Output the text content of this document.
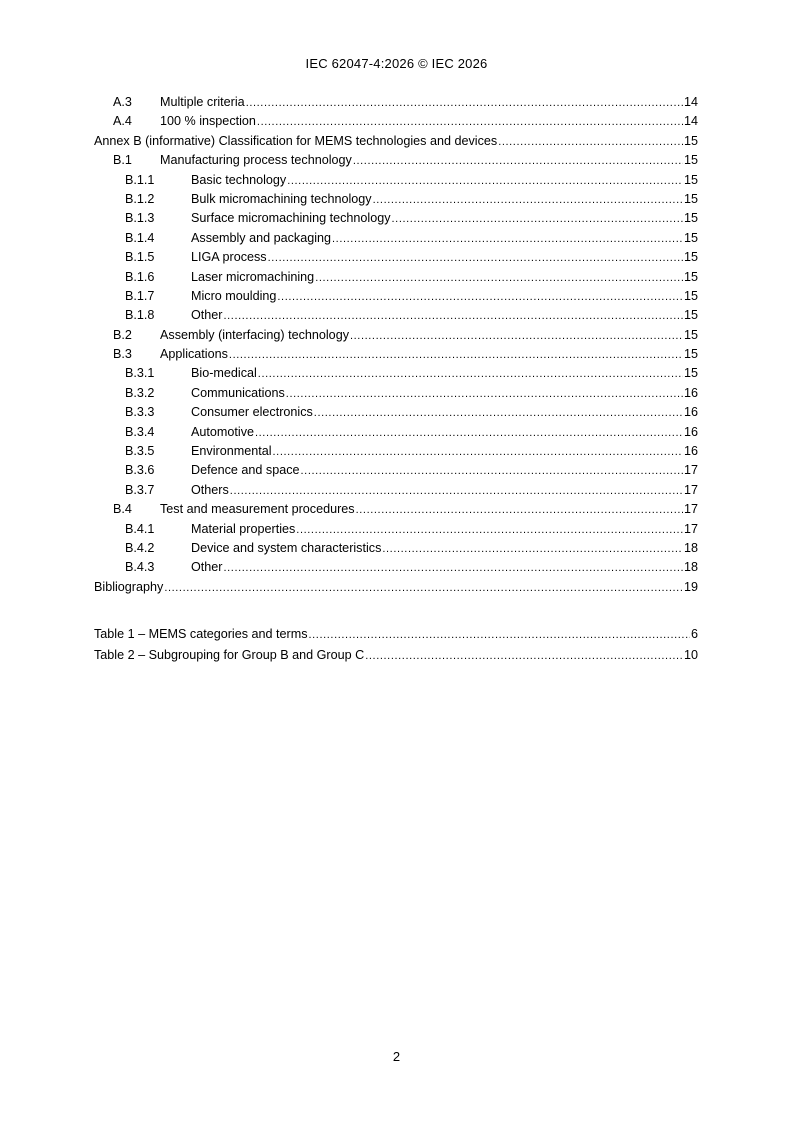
IEC 62047-4:2026 © IEC 2026
A.3	Multiple criteria .....	14
A.4	100 % inspection .....	14
Annex B (informative) Classification for MEMS technologies and devices .....	15
B.1	Manufacturing process technology .....	15
B.1.1	Basic technology .....	15
B.1.2	Bulk micromachining technology .....	15
B.1.3	Surface micromachining technology .....	15
B.1.4	Assembly and packaging .....	15
B.1.5	LIGA process .....	15
B.1.6	Laser micromachining .....	15
B.1.7	Micro moulding .....	15
B.1.8	Other .....	15
B.2	Assembly (interfacing) technology .....	15
B.3	Applications .....	15
B.3.1	Bio-medical .....	15
B.3.2	Communications .....	16
B.3.3	Consumer electronics .....	16
B.3.4	Automotive .....	16
B.3.5	Environmental .....	16
B.3.6	Defence and space .....	17
B.3.7	Others .....	17
B.4	Test and measurement procedures .....	17
B.4.1	Material properties .....	17
B.4.2	Device and system characteristics .....	18
B.4.3	Other .....	18
Bibliography .....	19
Table 1 – MEMS categories and terms .....	6
Table 2 – Subgrouping for Group B and Group C .....	10
2
